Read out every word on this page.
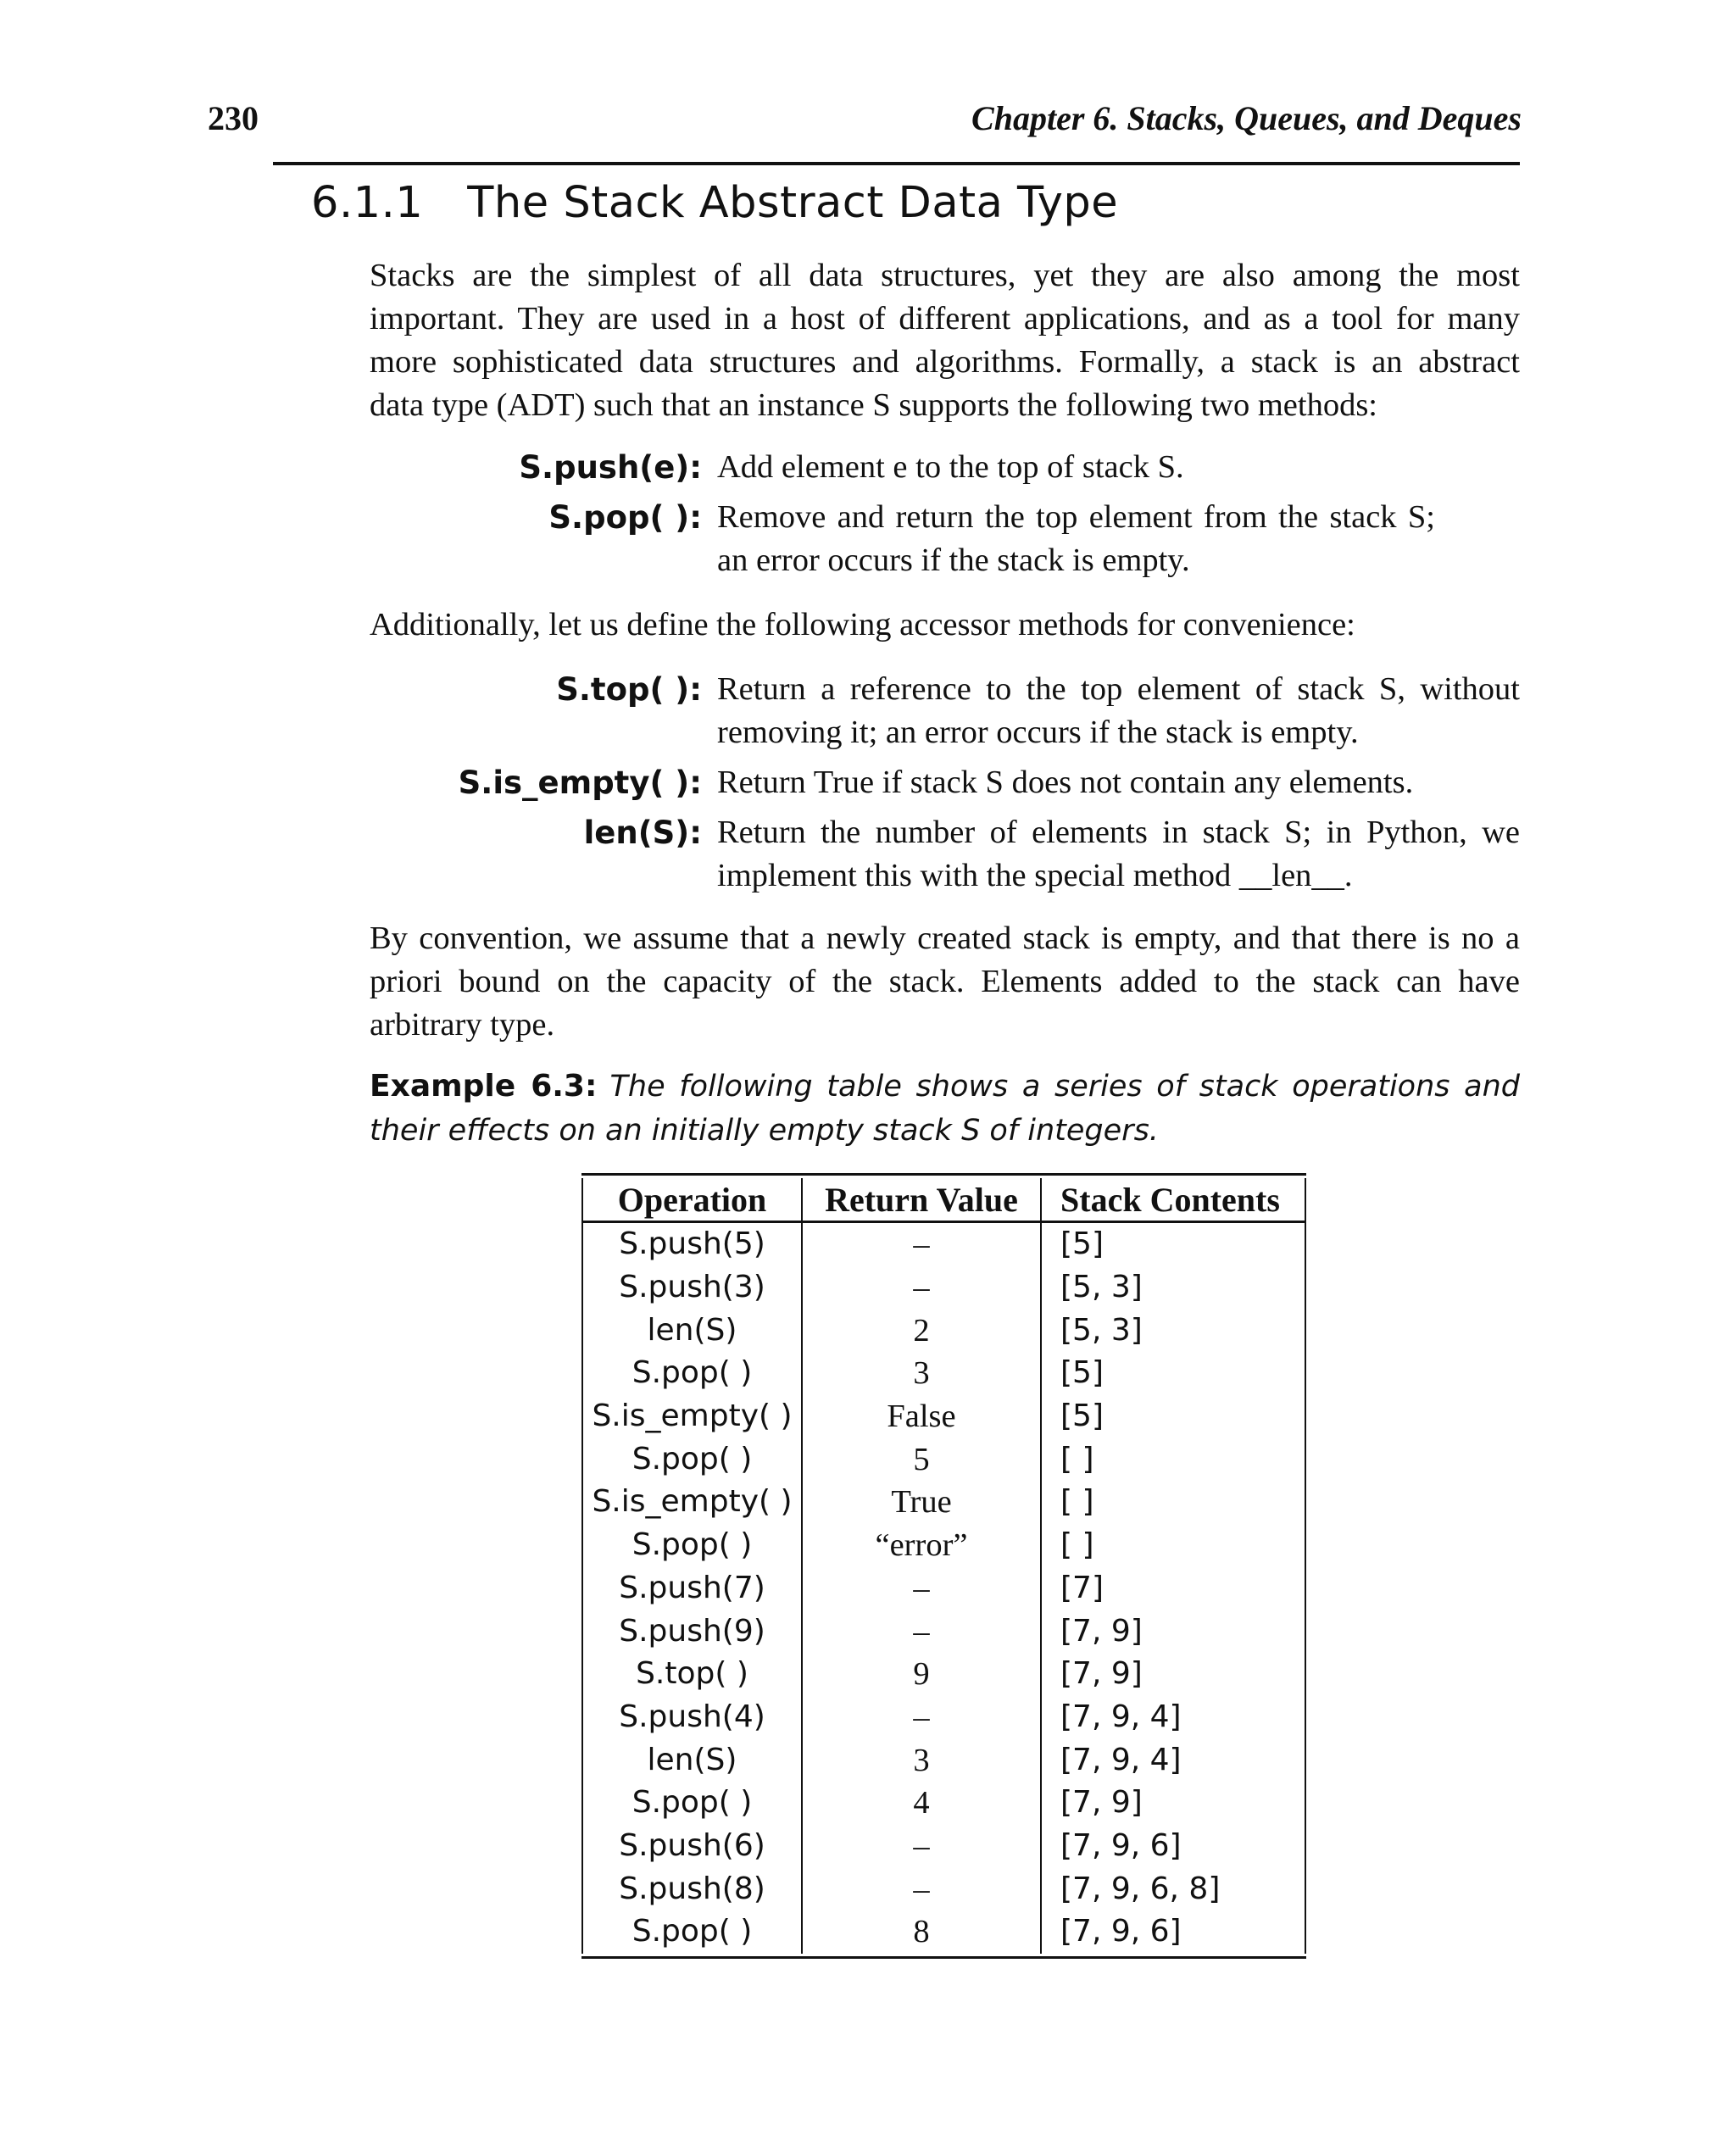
230	Chapter 6. Stacks, Queues, and Deques
6.1.1 The Stack Abstract Data Type
Stacks are the simplest of all data structures, yet they are also among the most
important. They are used in a host of different applications, and as a tool for many
more sophisticated data structures and algorithms. Formally, a stack is an abstract
data type (ADT) such that an instance S supports the following two methods:
S.push(e): Add element e to the top of stack S.
S.pop( ): Remove and return the top element from the stack S; an error occurs if the stack is empty.
Additionally, let us define the following accessor methods for convenience:
S.top( ): Return a reference to the top element of stack S, without removing it; an error occurs if the stack is empty.
S.is_empty( ): Return True if stack S does not contain any elements.
len(S): Return the number of elements in stack S; in Python, we implement this with the special method __len__.
By convention, we assume that a newly created stack is empty, and that there is no a priori bound on the capacity of the stack. Elements added to the stack can have arbitrary type.
Example 6.3: The following table shows a series of stack operations and their effects on an initially empty stack S of integers.
Operation	Return Value	Stack Contents
S.push(5)	–	[5]
S.push(3)	–	[5, 3]
len(S)	2	[5, 3]
S.pop( )	3	[5]
S.is_empty( )	False	[5]
S.pop( )	5	[ ]
S.is_empty( )	True	[ ]
S.pop( )	“error”	[ ]
S.push(7)	–	[7]
S.push(9)	–	[7, 9]
S.top( )	9	[7, 9]
S.push(4)	–	[7, 9, 4]
len(S)	3	[7, 9, 4]
S.pop( )	4	[7, 9]
S.push(6)	–	[7, 9, 6]
S.push(8)	–	[7, 9, 6, 8]
S.pop( )	8	[7, 9, 6]
